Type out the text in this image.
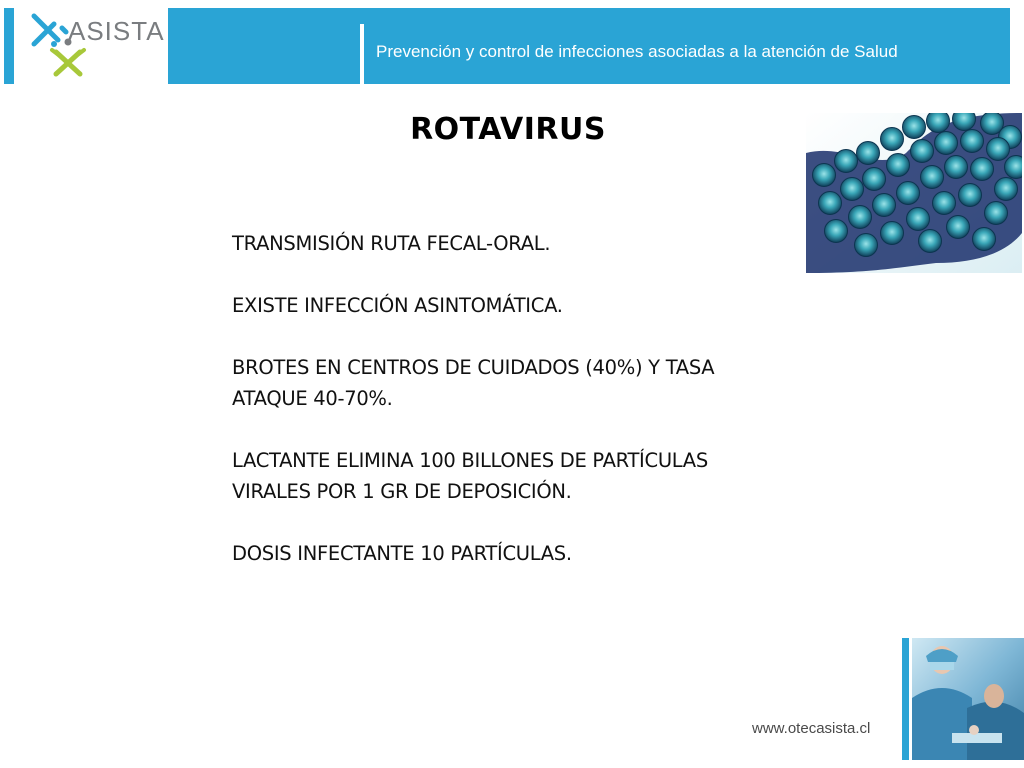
ASISTA
Prevención y control de infecciones asociadas a la atención de Salud
ROTAVIRUS

TRANSMISIÓN RUTA FECAL-ORAL.

EXISTE INFECCIÓN ASINTOMÁTICA.

BROTES EN CENTROS DE CUIDADOS (40%) Y TASA
ATAQUE 40-70%.

LACTANTE ELIMINA 100 BILLONES DE PARTÍCULAS
VIRALES POR 1 GR DE DEPOSICIÓN.

DOSIS INFECTANTE 10 PARTÍCULAS.

www.otecasista.cl
